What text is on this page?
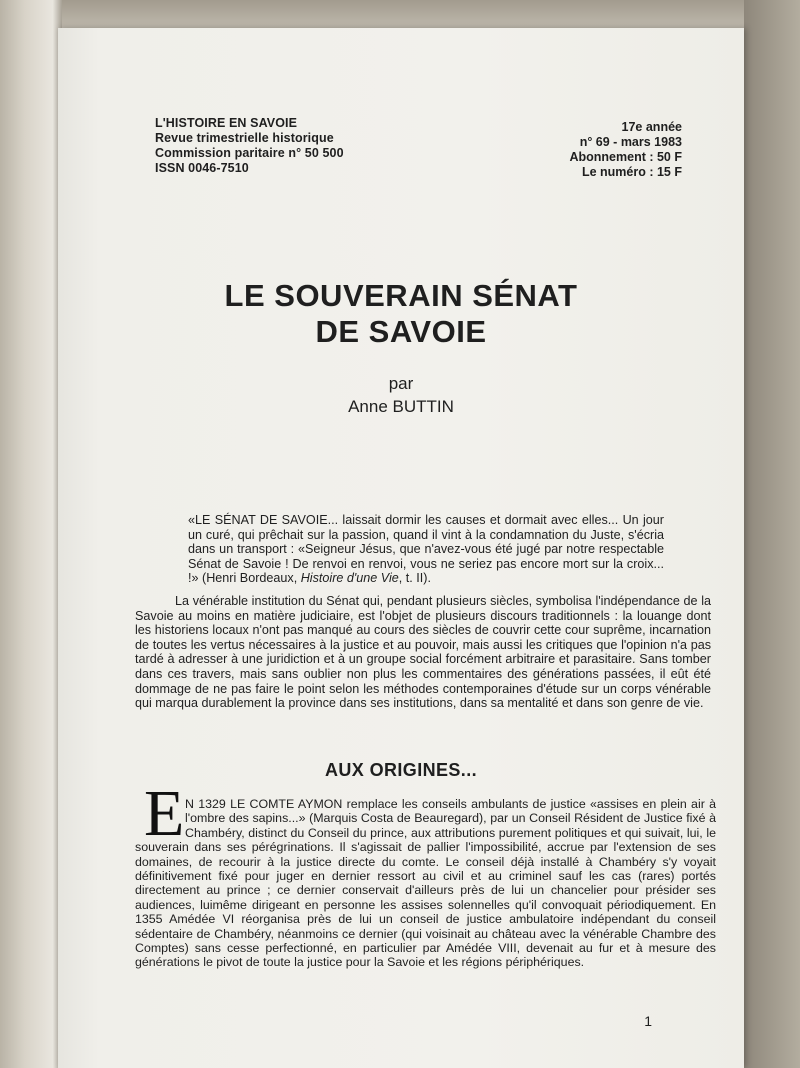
L'HISTOIRE EN SAVOIE
Revue trimestrielle historique
Commission paritaire n° 50 500
ISSN 0046-7510
17e année
n° 69 - mars 1983
Abonnement : 50 F
Le numéro : 15 F
LE SOUVERAIN SÉNAT
DE SAVOIE
par
Anne BUTTIN
«LE SÉNAT DE SAVOIE... laissait dormir les causes et dormait avec elles... Un jour un curé, qui prêchait sur la passion, quand il vint à la condamnation du Juste, s'écria dans un transport : «Seigneur Jésus, que n'avez-vous été jugé par notre respectable Sénat de Savoie ! De renvoi en renvoi, vous ne seriez pas encore mort sur la croix... !» (Henri Bordeaux, Histoire d'une Vie, t. II).
La vénérable institution du Sénat qui, pendant plusieurs siècles, symbolisa l'indépendance de la Savoie au moins en matière judiciaire, est l'objet de plusieurs discours traditionnels : la louange dont les historiens locaux n'ont pas manqué au cours des siècles de couvrir cette cour suprême, incarnation de toutes les vertus nécessaires à la justice et au pouvoir, mais aussi les critiques que l'opinion n'a pas tardé à adresser à une juridiction et à un groupe social forcément arbitraire et parasitaire. Sans tomber dans ces travers, mais sans oublier non plus les commentaires des générations passées, il eût été dommage de ne pas faire le point selon les méthodes contemporaines d'étude sur un corps vénérable qui marqua durablement la province dans ses institutions, dans sa mentalité et dans son genre de vie.
AUX ORIGINES...
E N 1329 LE COMTE AYMON remplace les conseils ambulants de justice «assises en plein air à l'ombre des sapins...» (Marquis Costa de Beauregard), par un Conseil Résident de Justice fixé à Chambéry, distinct du Conseil du prince, aux attributions purement politiques et qui suivait, lui, le souverain dans ses pérégrinations. Il s'agissait de pallier l'impossibilité, accrue par l'extension de ses domaines, de recourir à la justice directe du comte. Le conseil déjà installé à Chambéry s'y voyait définitivement fixé pour juger en dernier ressort au civil et au criminel sauf les cas (rares) portés directement au prince ; ce dernier conservait d'ailleurs près de lui un chancelier pour présider ses audiences, luimême dirigeant en personne les assises solennelles qu'il convoquait périodiquement. En 1355 Amédée VI réorganisa près de lui un conseil de justice ambulatoire indépendant du conseil sédentaire de Chambéry, néanmoins ce dernier (qui voisinait au château avec la vénérable Chambre des Comptes) sans cesse perfectionné, en particulier par Amédée VIII, devenait au fur et à mesure des générations le pivot de toute la justice pour la Savoie et les régions périphériques.
1
